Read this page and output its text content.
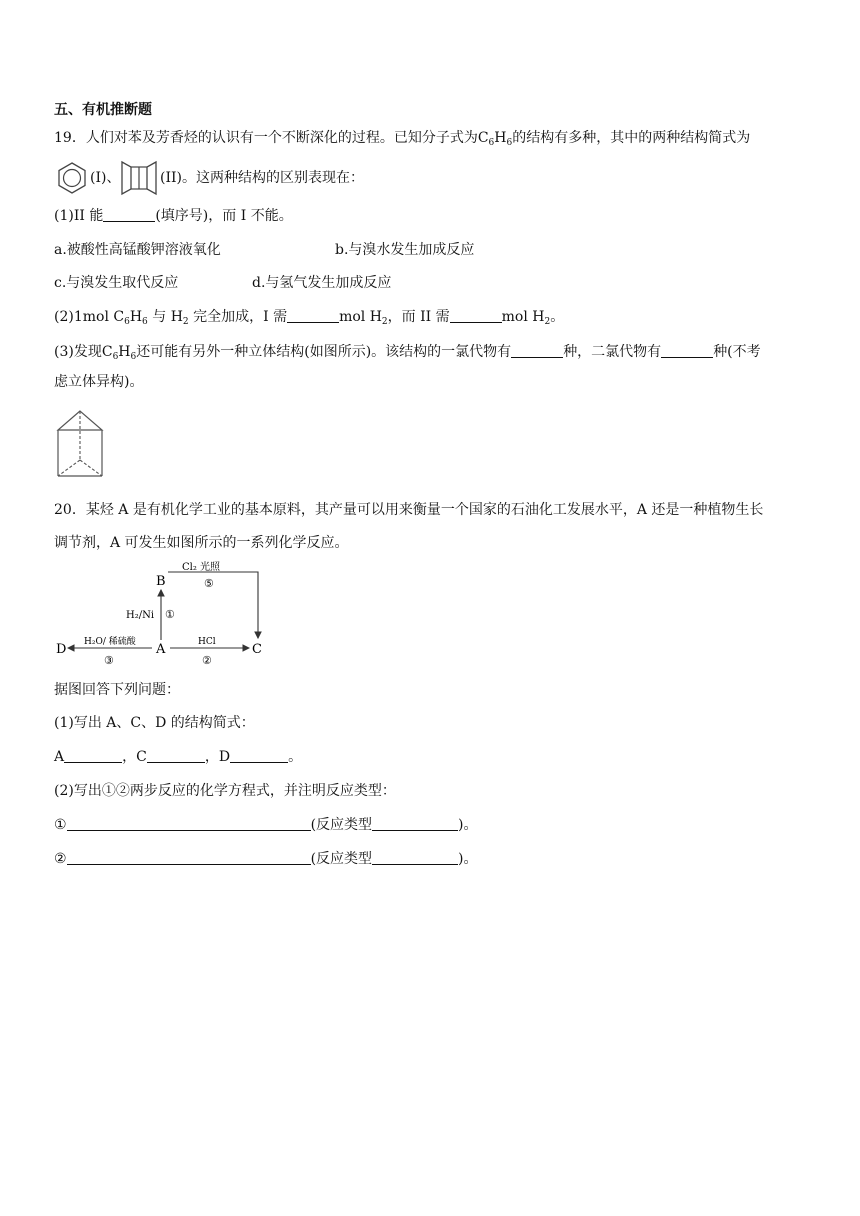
五、有机推断题
19．人们对苯及芳香烃的认识有一个不断深化的过程。已知分子式为$C_6H_6$的结构有多种，其中的两种结构简式为
(I)、	(II)。这两种结构的区别表现在：
(1)II 能	(填序号)，而 I 不能。
a.被酸性高锰酸钾溶液氧化	b.与溴水发生加成反应
c.与溴发生取代反应	d.与氢气发生加成反应
(2)1mol $C_6H_6$ 与 $H_2$ 完全加成，I 需	mol $H_2$，而 II 需	mol $H_2$。
(3)发现$C_6H_6$还可能有另外一种立体结构(如图所示)。该结构的一氯代物有	种，二氯代物有	种(不考
虑立体异构)。
20．某烃 A 是有机化学工业的基本原料，其产量可以用来衡量一个国家的石油化工发展水平，A 还是一种植物生长
调节剂，A 可发生如图所示的一系列化学反应。
B
A	C
D
Cl₂ 光照
⑤
H₂/Ni ①
H₂O/ 稀硫酸
③
HCl
②
据图回答下列问题：
(1)写出 A、C、D 的结构简式：
A	，C	，D	。
(2)写出①②两步反应的化学方程式，并注明反应类型：
①	(反应类型	)。
②	(反应类型	)。
